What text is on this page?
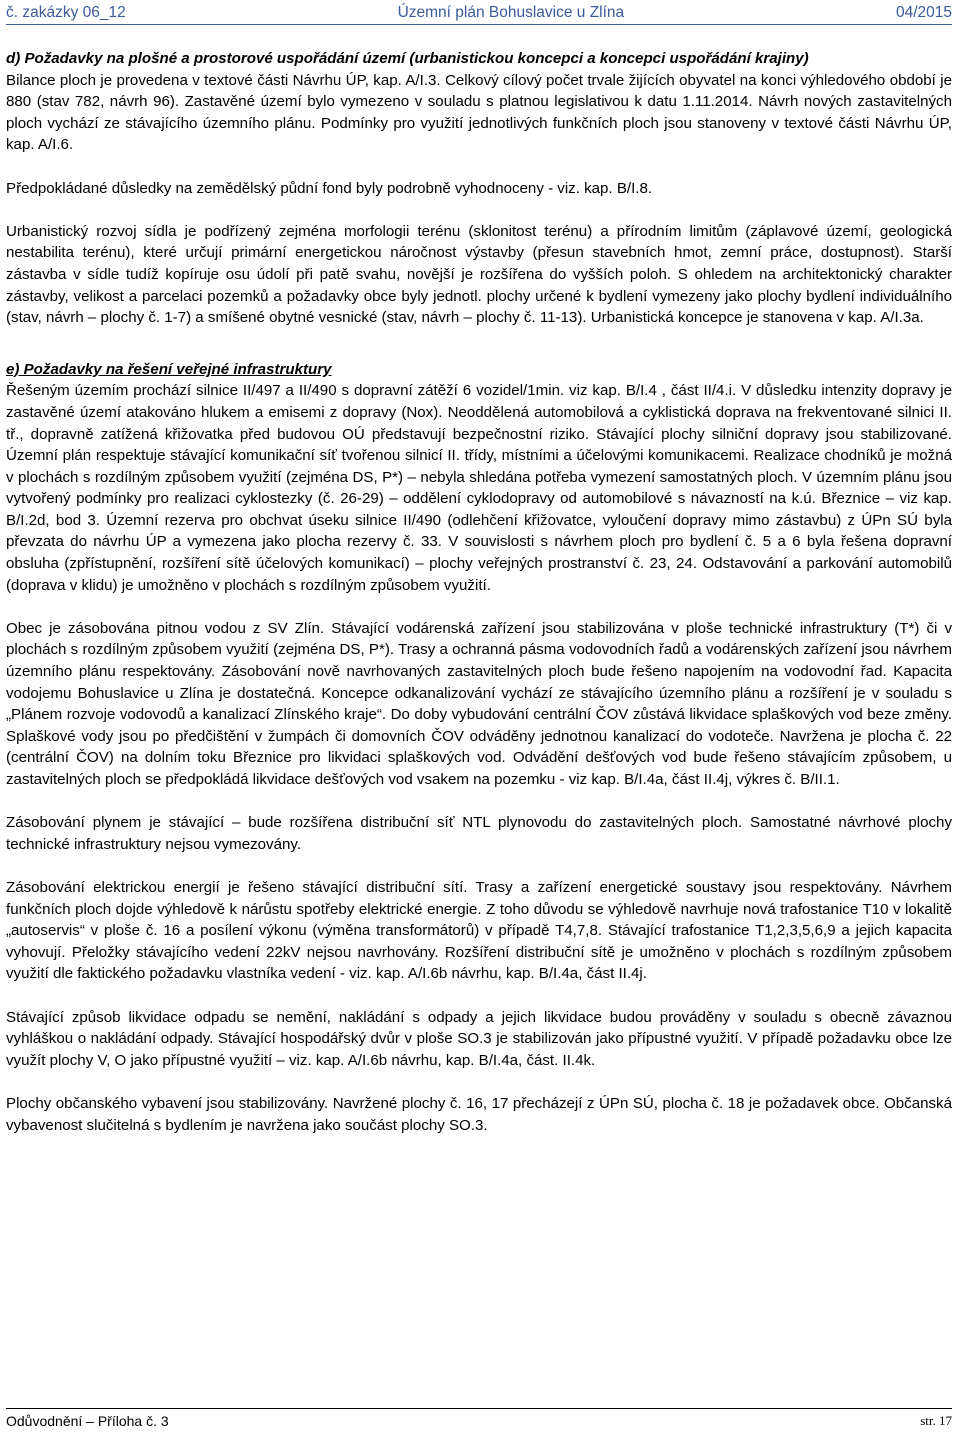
č. zakázky 06_12	Územní plán Bohuslavice u Zlína	04/2015

d) Požadavky na plošné a prostorové uspořádání území (urbanistickou koncepci a koncepci uspořádání krajiny)

Bilance ploch je provedena v textové části Návrhu ÚP, kap. A/I.3. Celkový cílový počet trvale žijících obyvatel na konci výhledového období je 880 (stav 782, návrh 96). Zastavěné území bylo vymezeno v souladu s platnou legislativou k datu 1.11.2014. Návrh nových zastavitelných ploch vychází ze stávajícího územního plánu. Podmínky pro využití jednotlivých funkčních ploch jsou stanoveny v textové části Návrhu ÚP, kap. A/I.6.

Předpokládané důsledky na zemědělský půdní fond byly podrobně vyhodnoceny - viz. kap. B/I.8.

Urbanistický rozvoj sídla je podřízený zejména morfologii terénu (sklonitost terénu) a přírodním limitům (záplavové území, geologická nestabilita terénu), které určují primární energetickou náročnost výstavby (přesun stavebních hmot, zemní práce, dostupnost). Starší zástavba v sídle tudíž kopíruje osu údolí při patě svahu, novější je rozšířena do vyšších poloh. S ohledem na architektonický charakter zástavby, velikost a parcelaci pozemků a požadavky obce byly jednotl. plochy určené k bydlení vymezeny jako plochy bydlení individuálního (stav, návrh – plochy č. 1-7) a smíšené obytné vesnické (stav, návrh – plochy č. 11-13). Urbanistická koncepce je stanovena v kap. A/I.3a.

e) Požadavky na řešení veřejné infrastruktury

Řešeným územím prochází silnice II/497 a II/490 s dopravní zátěží 6 vozidel/1min. viz kap. B/I.4 , část II/4.i. V důsledku intenzity dopravy je zastavěné území atakováno hlukem a emisemi z dopravy (Nox). Neoddělená automobilová a cyklistická doprava na frekventované silnici II. tř., dopravně zatížená křižovatka před budovou OÚ představují bezpečnostní riziko. Stávající plochy silniční dopravy jsou stabilizované. Územní plán respektuje stávající komunikační síť tvořenou silnicí II. třídy, místními a účelovými komunikacemi. Realizace chodníků je možná v plochách s rozdílným způsobem využití (zejména DS, P*) – nebyla shledána potřeba vymezení samostatných ploch. V územním plánu jsou vytvořený podmínky pro realizaci cyklostezky (č. 26-29) – oddělení cyklodopravy od automobilové s návazností na k.ú. Březnice – viz kap. B/I.2d, bod 3. Územní rezerva pro obchvat úseku silnice II/490 (odlehčení křižovatce, vyloučení dopravy mimo zástavbu) z ÚPn SÚ byla převzata do návrhu ÚP a vymezena jako plocha rezervy č. 33. V souvislosti s návrhem ploch pro bydlení č. 5 a 6 byla řešena dopravní obsluha (zpřístupnění, rozšíření sítě účelových komunikací) – plochy veřejných prostranství č. 23, 24. Odstavování a parkování automobilů (doprava v klidu) je umožněno v plochách s rozdílným způsobem využití.

Obec je zásobována pitnou vodou z SV Zlín. Stávající vodárenská zařízení jsou stabilizována v ploše technické infrastruktury (T*) či v plochách s rozdílným způsobem využití (zejména DS, P*). Trasy a ochranná pásma vodovodních řadů a vodárenských zařízení jsou návrhem územního plánu respektovány. Zásobování nově navrhovaných zastavitelných ploch bude řešeno napojením na vodovodní řad. Kapacita vodojemu Bohuslavice u Zlína je dostatečná. Koncepce odkanalizování vychází ze stávajícího územního plánu a rozšíření je v souladu s „Plánem rozvoje vodovodů a kanalizací Zlínského kraje“. Do doby vybudování centrální ČOV zůstává likvidace splaškových vod beze změny. Splaškové vody jsou po předčištění v žumpách či domovních ČOV odváděny jednotnou kanalizací do vodoteče. Navržena je plocha č. 22 (centrální ČOV) na dolním toku Březnice pro likvidaci splaškových vod. Odvádění dešťových vod bude řešeno stávajícím způsobem, u zastavitelných ploch se předpokládá likvidace dešťových vod vsakem na pozemku - viz kap. B/I.4a, část II.4j, výkres č. B/II.1.

Zásobování plynem je stávající – bude rozšířena distribuční síť NTL plynovodu do zastavitelných ploch. Samostatné návrhové plochy technické infrastruktury nejsou vymezovány.

Zásobování elektrickou energií je řešeno stávající distribuční sítí. Trasy a zařízení energetické soustavy jsou respektovány. Návrhem funkčních ploch dojde výhledově k nárůstu spotřeby elektrické energie. Z toho důvodu se výhledově navrhuje nová trafostanice T10 v lokalitě „autoservis“ v ploše č. 16 a posílení výkonu (výměna transformátorů) v případě T4,7,8. Stávající trafostanice T1,2,3,5,6,9 a jejich kapacita vyhovují. Přeložky stávajícího vedení 22kV nejsou navrhovány. Rozšíření distribuční sítě je umožněno v plochách s rozdílným způsobem využití dle faktického požadavku vlastníka vedení - viz. kap. A/I.6b návrhu, kap. B/I.4a, část II.4j.

Stávající způsob likvidace odpadu se nemění, nakládání s odpady a jejich likvidace budou prováděny v souladu s obecně závaznou vyhláškou o nakládání odpady. Stávající hospodářský dvůr v ploše SO.3 je stabilizován jako přípustné využití. V případě požadavku obce lze využít plochy V, O jako přípustné využití – viz. kap. A/I.6b návrhu, kap. B/I.4a, část. II.4k.

Plochy občanského vybavení jsou stabilizovány. Navržené plochy č. 16, 17 přecházejí z ÚPn SÚ, plocha č. 18 je požadavek obce. Občanská vybavenost slučitelná s bydlením je navržena jako součást plochy SO.3.

Odůvodnění – Příloha č. 3	str. 17
